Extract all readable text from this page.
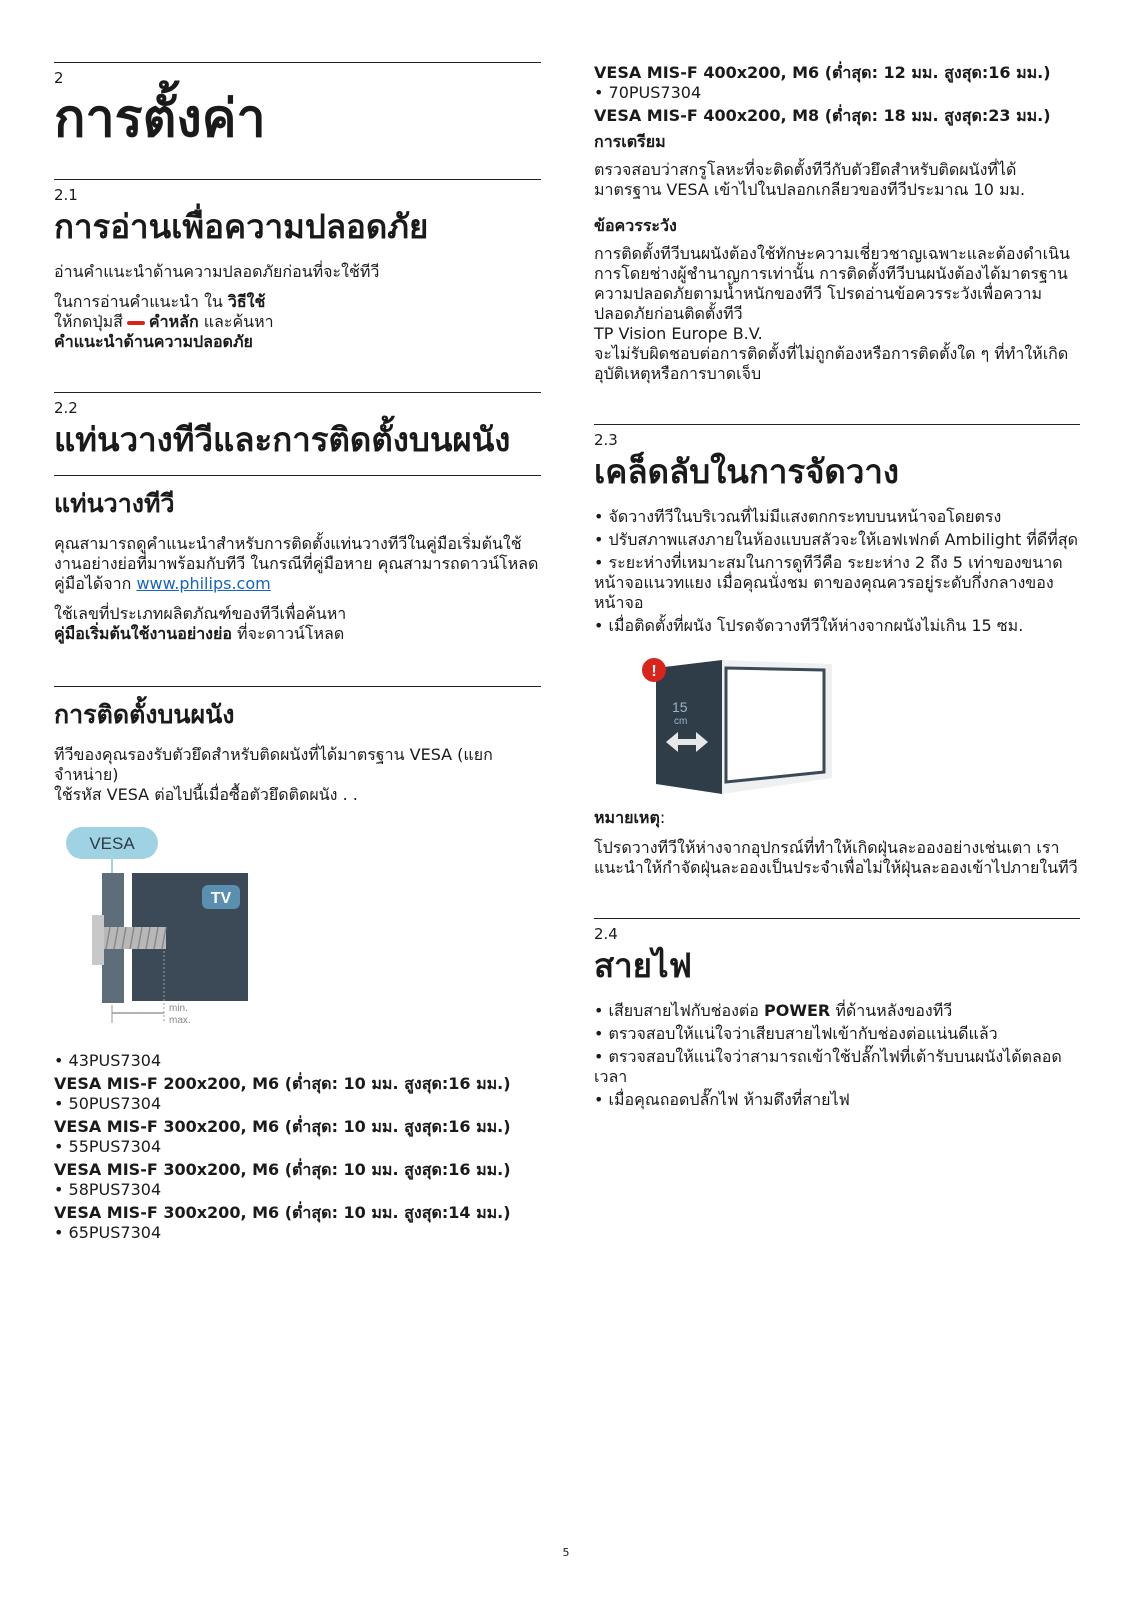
2
การตั้งค่า
2.1
การอ่านเพื่อความปลอดภัย

อ่านคำแนะนำด้านความปลอดภัยก่อนที่จะใช้ทีวี

ในการอ่านคำแนะนำ ใน วิธีใช้

ให้กดปุ่มสี คำหลัก และค้นหา

คำแนะนำด้านความปลอดภัย

2.2
แท่นวางทีวีและการติดตั้งบนผนัง
แท่นวางทีวี

คุณสามารถดูคำแนะนำสำหรับการติดตั้งแท่นวางทีวีในคู่มือเริ่มต้นใช้งานอย่างย่อที่มาพร้อมกับทีวี ในกรณีที่คู่มือหาย คุณสามารถดาวน์โหลดคู่มือได้จาก www.philips.com

ใช้เลขที่ประเภทผลิตภัณฑ์ของทีวีเพื่อค้นหา

คู่มือเริ่มต้นใช้งานอย่างย่อ ที่จะดาวน์โหลด

การติดตั้งบนผนัง

ทีวีของคุณรองรับตัวยึดสำหรับติดผนังที่ได้มาตรฐาน VESA (แยกจำหน่าย)

ใช้รหัส VESA ต่อไปนี้เมื่อซื้อตัวยึดติดผนัง . .

VESA
TV
min.
max.

• 43PUS7304

VESA MIS-F 200x200, M6 (ต่ำสุด: 10 มม. สูงสุด:16 มม.)

• 50PUS7304

VESA MIS-F 300x200, M6 (ต่ำสุด: 10 มม. สูงสุด:16 มม.)

• 55PUS7304

VESA MIS-F 300x200, M6 (ต่ำสุด: 10 มม. สูงสุด:16 มม.)

• 58PUS7304

VESA MIS-F 300x200, M6 (ต่ำสุด: 10 มม. สูงสุด:14 มม.)

• 65PUS7304

VESA MIS-F 400x200, M6 (ต่ำสุด: 12 มม. สูงสุด:16 มม.)

• 70PUS7304

VESA MIS-F 400x200, M8 (ต่ำสุด: 18 มม. สูงสุด:23 มม.)

การเตรียม

ตรวจสอบว่าสกรูโลหะที่จะติดตั้งทีวีกับตัวยึดสำหรับติดผนังที่ได้มาตรฐาน VESA เข้าไปในปลอกเกลียวของทีวีประมาณ 10 มม.

ข้อควรระวัง

การติดตั้งทีวีบนผนังต้องใช้ทักษะความเชี่ยวชาญเฉพาะและต้องดำเนินการโดยช่างผู้ชำนาญการเท่านั้น การติดตั้งทีวีบนผนังต้องได้มาตรฐานความปลอดภัยตามน้ำหนักของทีวี โปรดอ่านข้อควรระวังเพื่อความปลอดภัยก่อนติดตั้งทีวี

TP Vision Europe B.V.

จะไม่รับผิดชอบต่อการติดตั้งที่ไม่ถูกต้องหรือการติดตั้งใด ๆ ที่ทำให้เกิดอุบัติเหตุหรือการบาดเจ็บ

2.3
เคล็ดลับในการจัดวาง

• จัดวางทีวีในบริเวณที่ไม่มีแสงตกกระทบบนหน้าจอโดยตรง

• ปรับสภาพแสงภายในห้องแบบสลัวจะให้เอฟเฟกต์ Ambilight ที่ดีที่สุด

• ระยะห่างที่เหมาะสมในการดูทีวีคือ ระยะห่าง 2 ถึง 5 เท่าของขนาดหน้าจอแนวทแยง เมื่อคุณนั่งชม ตาของคุณควรอยู่ระดับกึ่งกลางของหน้าจอ

• เมื่อติดตั้งที่ผนัง โปรดจัดวางทีวีให้ห่างจากผนังไม่เกิน 15 ซม.

!
15
cm
หมายเหตุ:

โปรดวางทีวีให้ห่างจากอุปกรณ์ที่ทำให้เกิดฝุ่นละอองอย่างเช่นเตา เราแนะนำให้กำจัดฝุ่นละอองเป็นประจำเพื่อไม่ให้ฝุ่นละอองเข้าไปภายในทีวี

2.4
สายไฟ

• เสียบสายไฟกับช่องต่อ POWER ที่ด้านหลังของทีวี

• ตรวจสอบให้แน่ใจว่าเสียบสายไฟเข้ากับช่องต่อแน่นดีแล้ว

• ตรวจสอบให้แน่ใจว่าสามารถเข้าใช้ปลั๊กไฟที่เต้ารับบนผนังได้ตลอดเวลา

• เมื่อคุณถอดปลั๊กไฟ ห้ามดึงที่สายไฟ

5
